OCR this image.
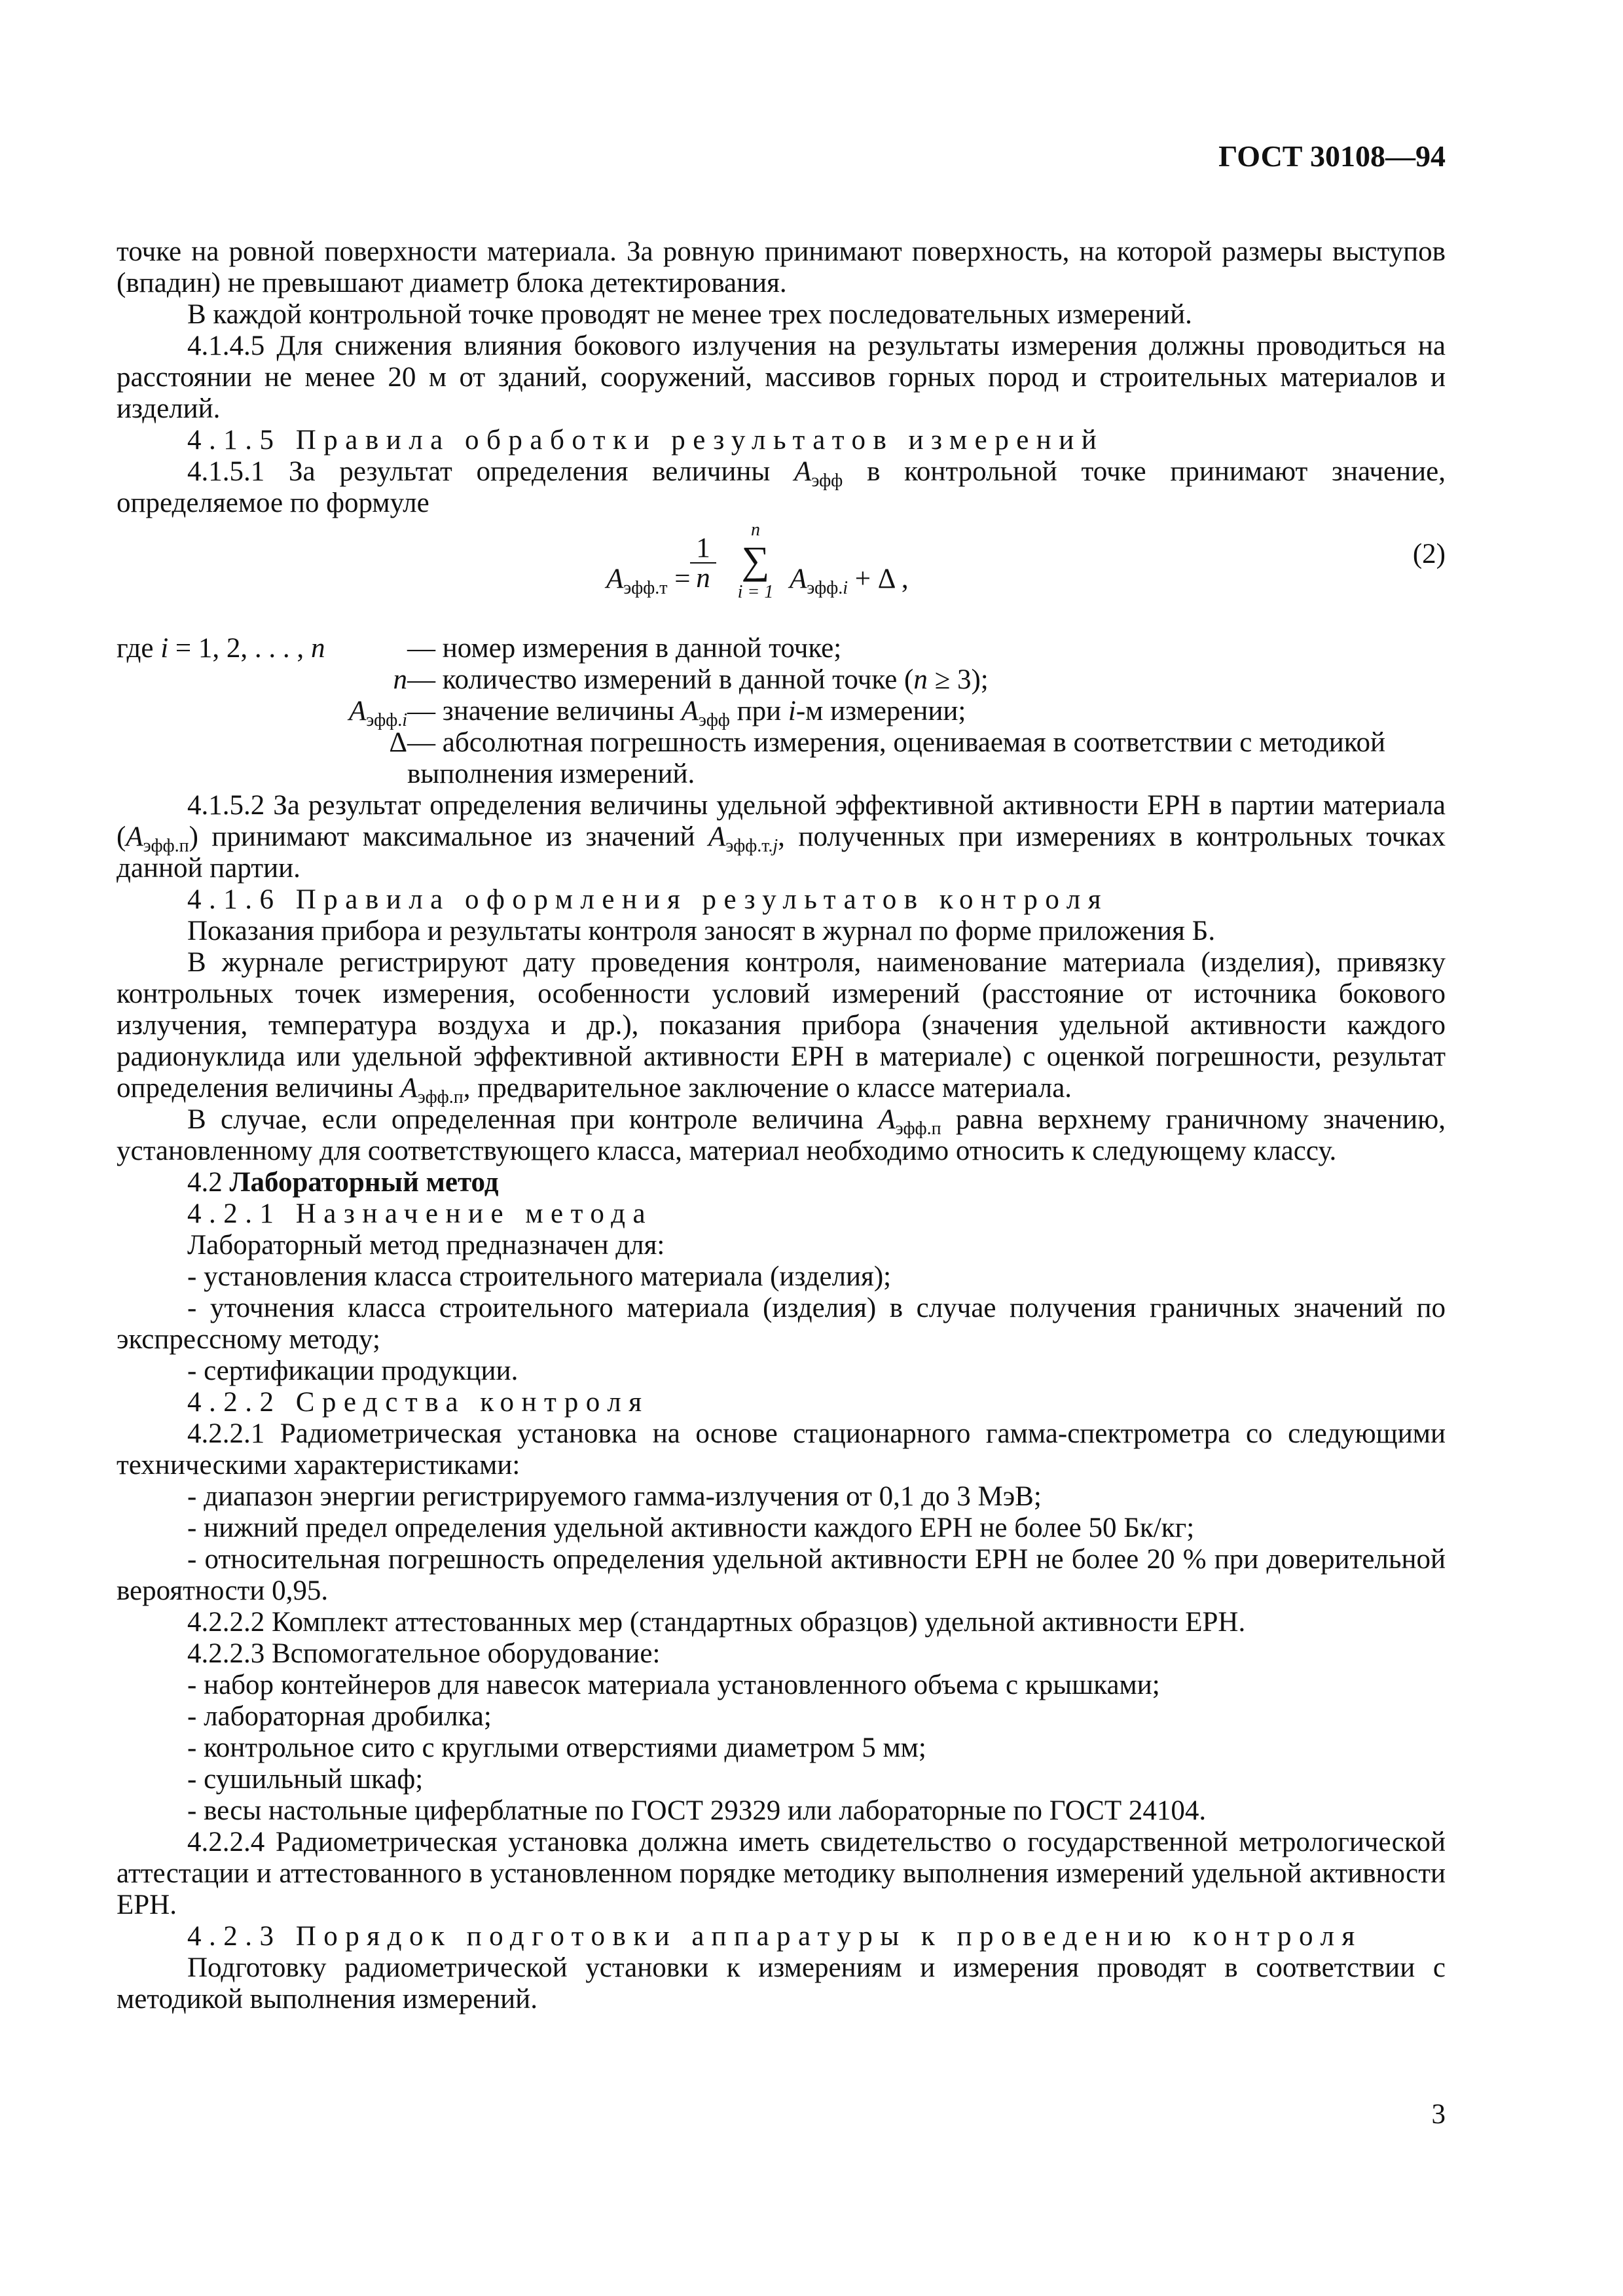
ГОСТ 30108—94

точке на ровной поверхности материала. За ровную принимают поверхность, на которой размеры выступов (впадин) не превышают диаметр блока детектирования.

В каждой контрольной точке проводят не менее трех последовательных измерений.

4.1.4.5 Для снижения влияния бокового излучения на результаты измерения должны проводиться на расстоянии не менее 20 м от зданий, сооружений, массивов горных пород и строительных материалов и изделий.

4.1.5 Правила обработки результатов измерений

4.1.5.1 За результат определения величины $A_{эфф}$ в контрольной точке принимают значение, определяемое по формуле

$A_{эфф.т} = \frac{1}{n}$
n
∑
i = 1 $A_{эфф.i} + \Delta$ ,
(2)
где i = 1, 2, . . . , n	— номер измерения в данной точке;
n — количество измерений в данной точке (n ≥ 3);
$A_{эфф.i}$ — значение величины $A_{эфф}$ при i-м измерении;
Δ — абсолютная погрешность измерения, оцениваемая в соответствии с методикой выполнения измерений.

4.1.5.2 За результат определения величины удельной эффективной активности ЕРН в партии материала $(A_{эфф.п})$ принимают максимальное из значений $A_{эфф.т.j}$, полученных при измерениях в контрольных точках данной партии.

4.1.6 Правила оформления результатов контроля

Показания прибора и результаты контроля заносят в журнал по форме приложения Б.

В журнале регистрируют дату проведения контроля, наименование материала (изделия), привязку контрольных точек измерения, особенности условий измерений (расстояние от источника бокового излучения, температура воздуха и др.), показания прибора (значения удельной активности каждого радионуклида или удельной эффективной активности ЕРН в материале) с оценкой погрешности, результат определения величины $A_{эфф.п}$, предварительное заключение о классе материала.

В случае, если определенная при контроле величина $A_{эфф.п}$ равна верхнему граничному значению, установленному для соответствующего класса, материал необходимо относить к следующему классу.

4.2 Лабораторный метод

4.2.1 Назначение метода

Лабораторный метод предназначен для:

- установления класса строительного материала (изделия);

- уточнения класса строительного материала (изделия) в случае получения граничных значений по экспрессному методу;

- сертификации продукции.

4.2.2 Средства контроля

4.2.2.1 Радиометрическая установка на основе стационарного гамма-спектрометра со следующими техническими характеристиками:

- диапазон энергии регистрируемого гамма-излучения от 0,1 до 3 МэВ;

- нижний предел определения удельной активности каждого ЕРН не более 50 Бк/кг;

- относительная погрешность определения удельной активности ЕРН не более 20 % при доверительной вероятности 0,95.

4.2.2.2 Комплект аттестованных мер (стандартных образцов) удельной активности ЕРН.

4.2.2.3 Вспомогательное оборудование:

- набор контейнеров для навесок материала установленного объема с крышками;

- лабораторная дробилка;

- контрольное сито с круглыми отверстиями диаметром 5 мм;

- сушильный шкаф;

- весы настольные циферблатные по ГОСТ 29329 или лабораторные по ГОСТ 24104.

4.2.2.4 Радиометрическая установка должна иметь свидетельство о государственной метрологической аттестации и аттестованного в установленном порядке методику выполнения измерений удельной активности ЕРН.

4.2.3 Порядок подготовки аппаратуры к проведению контроля

Подготовку радиометрической установки к измерениям и измерения проводят в соответствии с методикой выполнения измерений.

3
